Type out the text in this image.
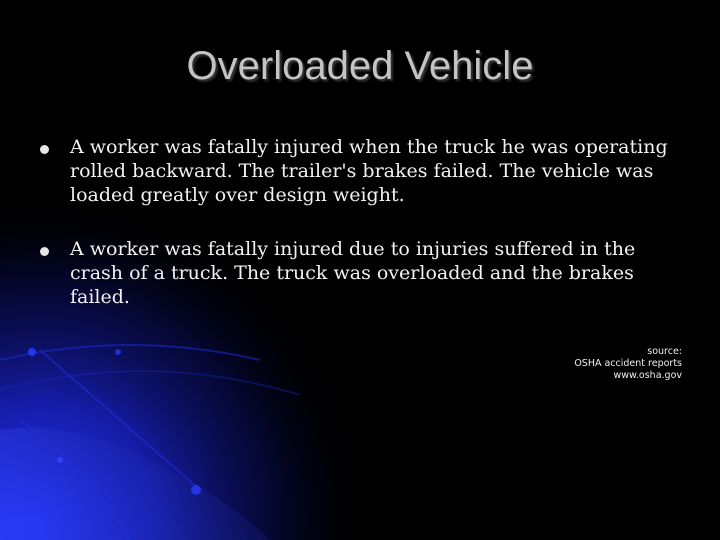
Overloaded Vehicle
A worker was fatally injured when the truck he was operating rolled backward. The trailer's brakes failed. The vehicle was loaded greatly over design weight.
A worker was fatally injured due to injuries suffered in the crash of a truck. The truck was overloaded and the brakes failed.
source:
OSHA accident reports
www.osha.gov
